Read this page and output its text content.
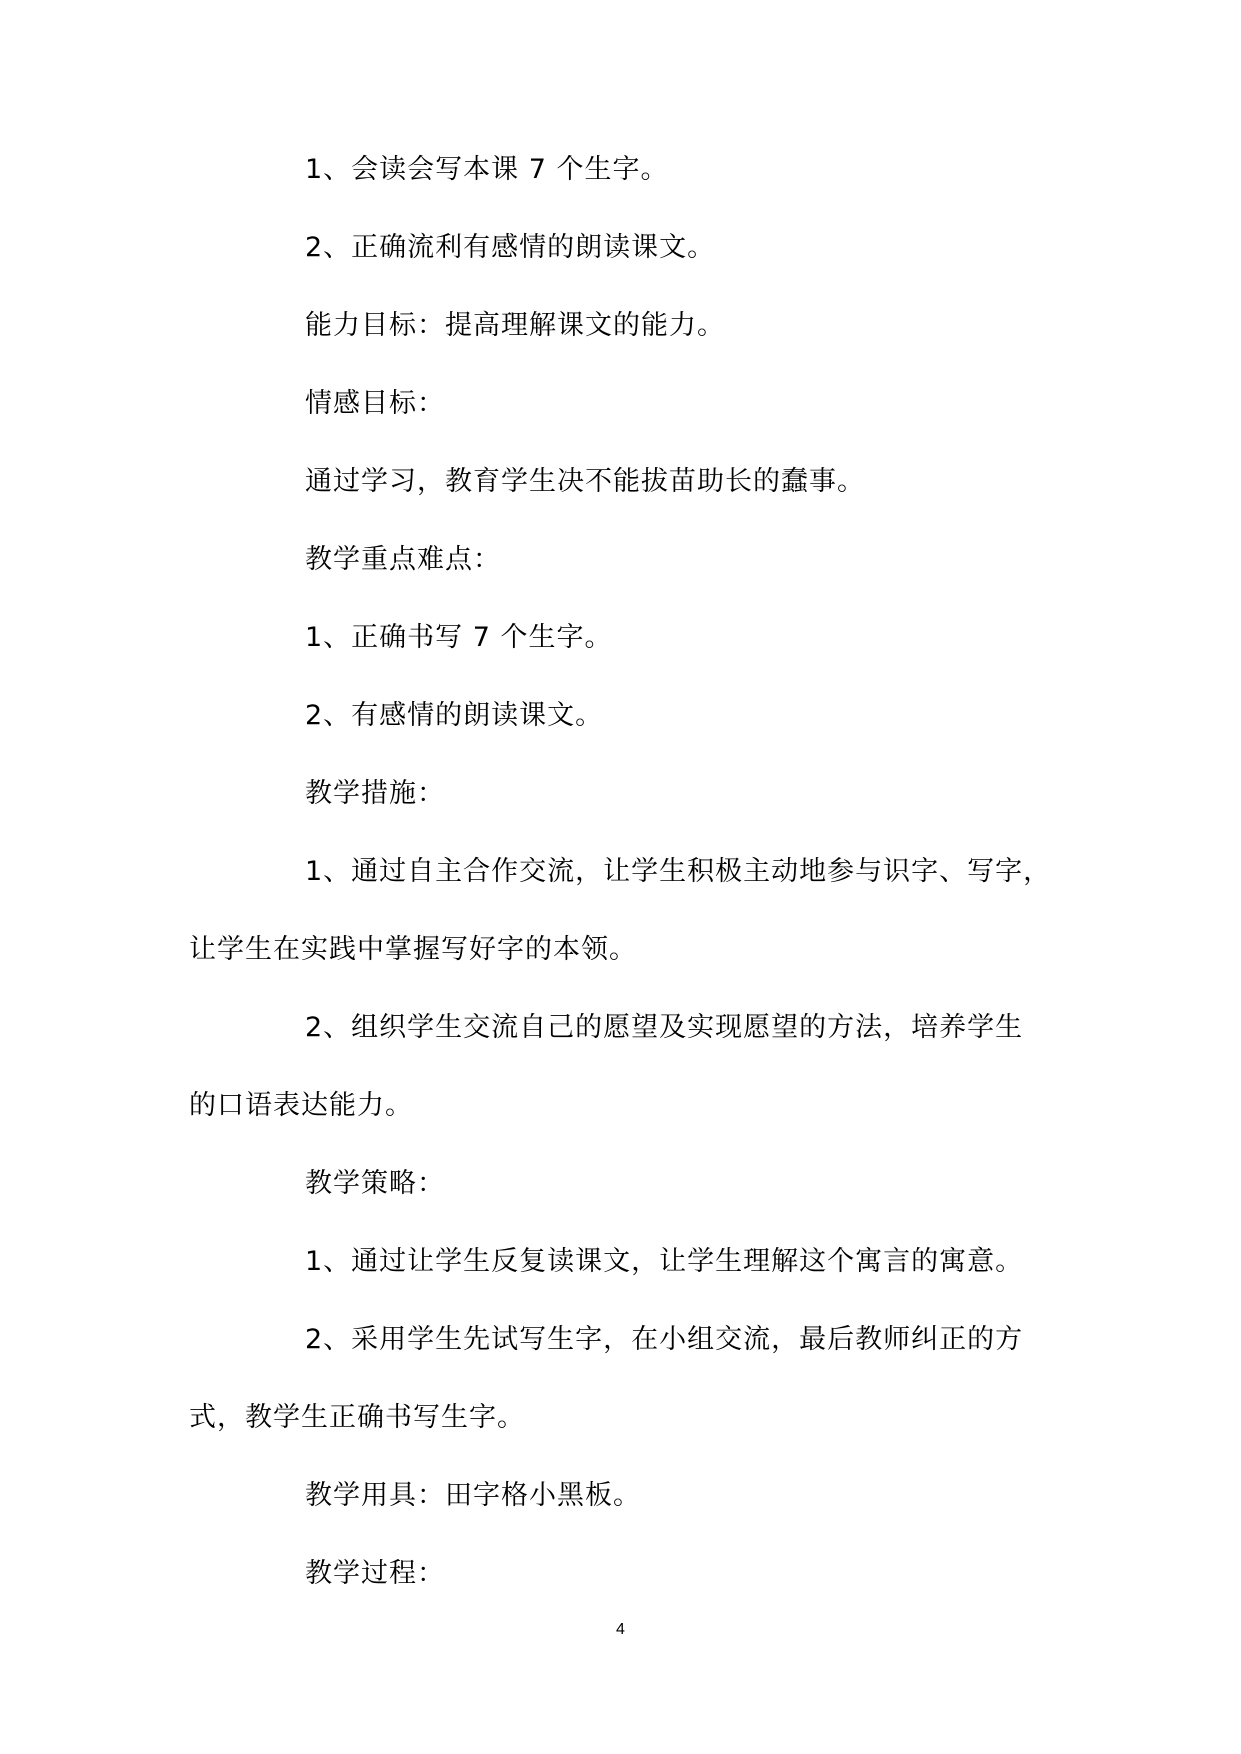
1、会读会写本课 7 个生字。
2、正确流利有感情的朗读课文。
能力目标：提高理解课文的能力。
情感目标：
通过学习，教育学生决不能拔苗助长的蠢事。
教学重点难点：
1、正确书写 7 个生字。
2、有感情的朗读课文。
教学措施：
1、通过自主合作交流，让学生积极主动地参与识字、写字，
让学生在实践中掌握写好字的本领。
2、组织学生交流自己的愿望及实现愿望的方法，培养学生
的口语表达能力。
教学策略：
1、通过让学生反复读课文，让学生理解这个寓言的寓意。
2、采用学生先试写生字，在小组交流，最后教师纠正的方
式，教学生正确书写生字。
教学用具：田字格小黑板。
教学过程：
4
